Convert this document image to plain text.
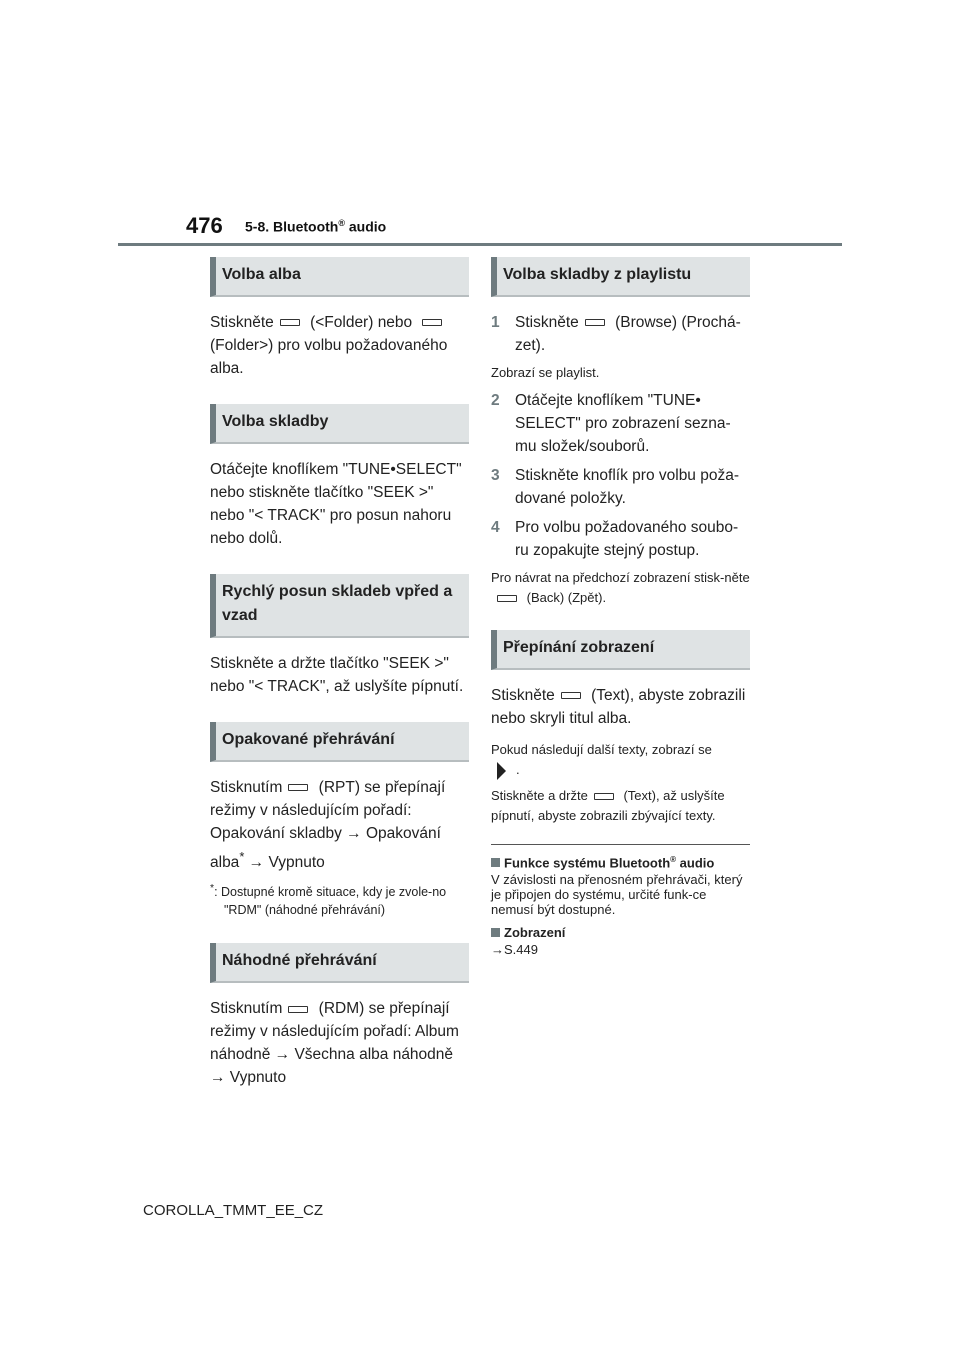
476 5-8. Bluetooth® audio
Volba alba
Stiskněte (<Folder) nebo
(Folder>) pro volbu požadovaného alba.
Volba skladby
Otáčejte knoflíkem "TUNE•SELECT" nebo stiskněte tlačítko "SEEK >" nebo "< TRACK" pro posun nahoru nebo dolů.
Rychlý posun skladeb vpřed a vzad
Stiskněte a držte tlačítko "SEEK >" nebo "< TRACK", až uslyšíte pípnutí.
Opakované přehrávání
Stisknutím (RPT) se přepínají režimy v následujícím pořadí: Opakování skladby → Opakování alba* → Vypnuto
*: Dostupné kromě situace, kdy je zvole-no "RDM" (náhodné přehrávání)
Náhodné přehrávání
Stisknutím (RDM) se přepínají režimy v následujícím pořadí: Album náhodně → Všechna alba náhodně → Vypnuto
Volba skladby z playlistu
1 Stiskněte (Browse) (Prochá-zet).
Zobrazí se playlist.
2 Otáčejte knoflíkem "TUNE• SELECT" pro zobrazení sezna-mu složek/souborů.
3 Stiskněte knoflík pro volbu poža-dované položky.
4 Pro volbu požadovaného soubo-ru zopakujte stejný postup.
Pro návrat na předchozí zobrazení stisk-něte (Back) (Zpět).
Přepínání zobrazení
Stiskněte (Text), abyste zobrazili nebo skryli titul alba.
Pokud následují další texty, zobrazí se
.
Stiskněte a držte (Text), až uslyšíte pípnutí, abyste zobrazili zbývající texty.
Funkce systému Bluetooth® audio
V závislosti na přenosném přehrávači, který je připojen do systému, určité funk-ce nemusí být dostupné.
Zobrazení
→S.449
COROLLA_TMMT_EE_CZ
